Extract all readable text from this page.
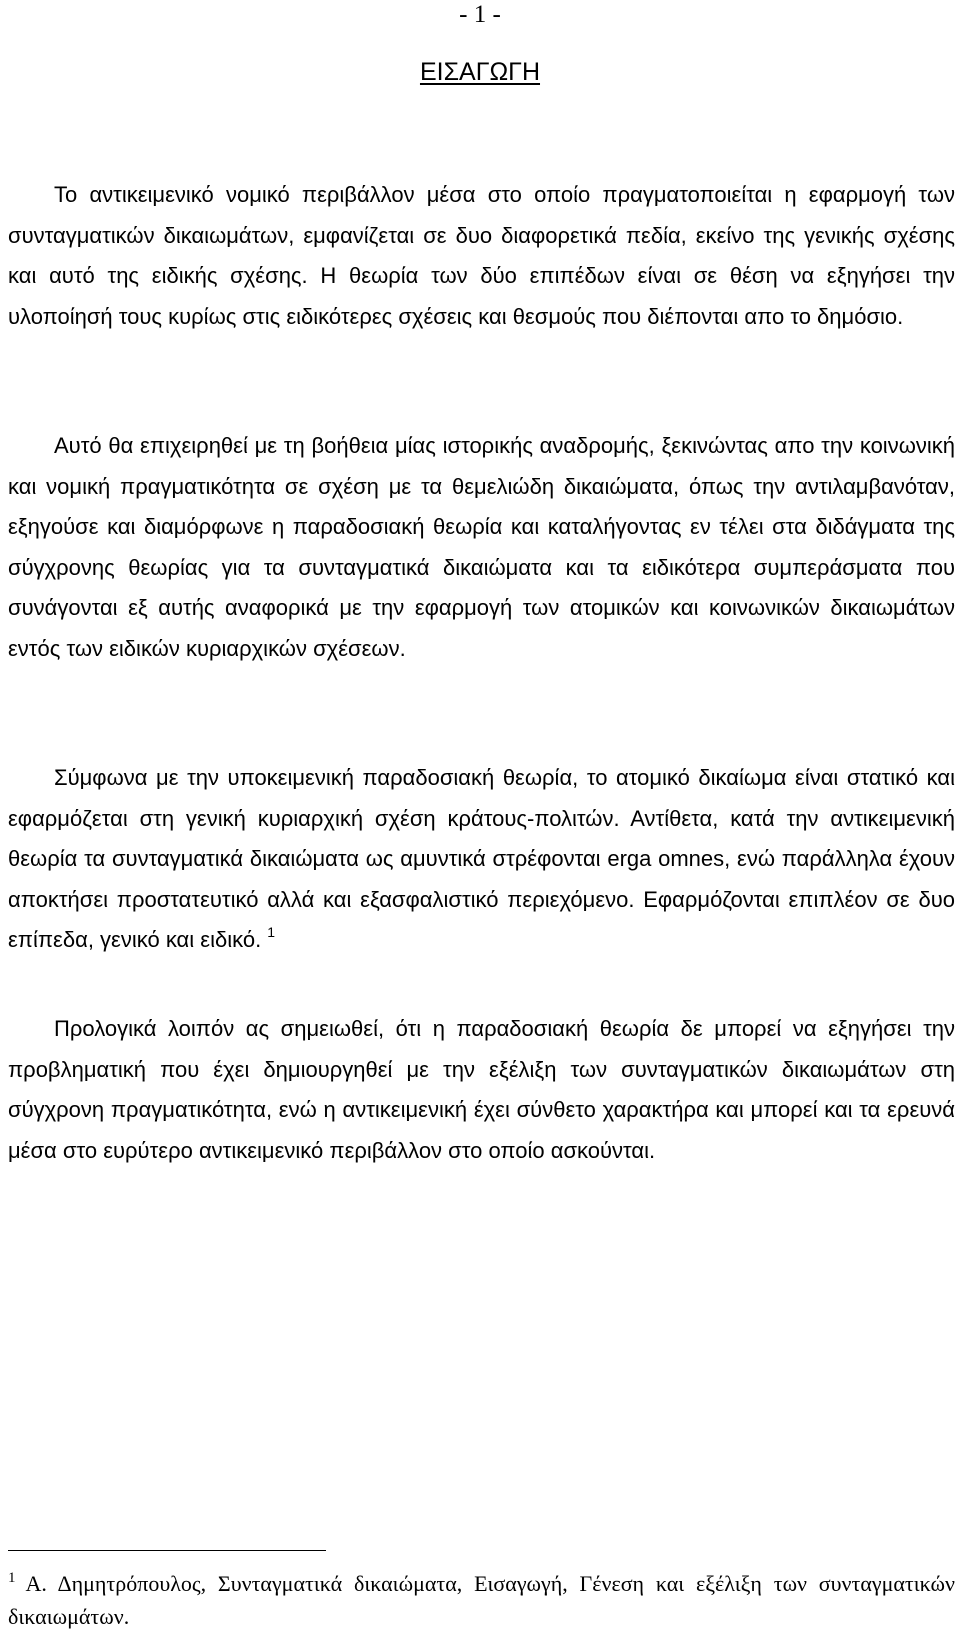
- 1 -
ΕΙΣΑΓΩΓΗ

Το αντικειμενικό νομικό περιβάλλον μέσα στο οποίο πραγματοποιείται η εφαρμογή των συνταγματικών δικαιωμάτων, εμφανίζεται σε δυο διαφορετικά πεδία, εκείνο της γενικής σχέσης και αυτό της ειδικής σχέσης. Η θεωρία των δύο επιπέδων είναι σε θέση να εξηγήσει την υλοποίησή τους κυρίως στις ειδικότερες σχέσεις και θεσμούς που διέπονται απο το δημόσιο.

Αυτό θα επιχειρηθεί με τη βοήθεια μίας ιστορικής αναδρομής, ξεκινώντας απο την κοινωνική και νομική πραγματικότητα σε σχέση με τα θεμελιώδη δικαιώματα, όπως την αντιλαμβανόταν, εξηγούσε και διαμόρφωνε η παραδοσιακή θεωρία και καταλήγοντας εν τέλει στα διδάγματα της σύγχρονης θεωρίας για τα συνταγματικά δικαιώματα και τα ειδικότερα συμπεράσματα που συνάγονται εξ αυτής αναφορικά με την εφαρμογή των ατομικών και κοινωνικών δικαιωμάτων εντός των ειδικών κυριαρχικών σχέσεων.

Σύμφωνα με την υποκειμενική παραδοσιακή θεωρία, το ατομικό δικαίωμα είναι στατικό και εφαρμόζεται στη γενική κυριαρχική σχέση κράτους-πολιτών. Αντίθετα, κατά την αντικειμενική θεωρία τα συνταγματικά δικαιώματα ως αμυντικά στρέφονται erga omnes, ενώ παράλληλα έχουν αποκτήσει προστατευτικό αλλά και εξασφαλιστικό περιεχόμενο. Εφαρμόζονται επιπλέον σε δυο επίπεδα, γενικό και ειδικό. $^1$

Προλογικά λοιπόν ας σημειωθεί, ότι η παραδοσιακή θεωρία δε μπορεί να εξηγήσει την προβληματική που έχει δημιουργηθεί με την εξέλιξη των συνταγματικών δικαιωμάτων στη σύγχρονη πραγματικότητα, ενώ η αντικειμενική έχει σύνθετο χαρακτήρα και μπορεί και τα ερευνά μέσα στο ευρύτερο αντικειμενικό περιβάλλον στο οποίο ασκούνται.

$^1$ Α. Δημητρόπουλος, Συνταγματικά δικαιώματα, Εισαγωγή, Γένεση και εξέλιξη των συνταγματικών δικαιωμάτων.
